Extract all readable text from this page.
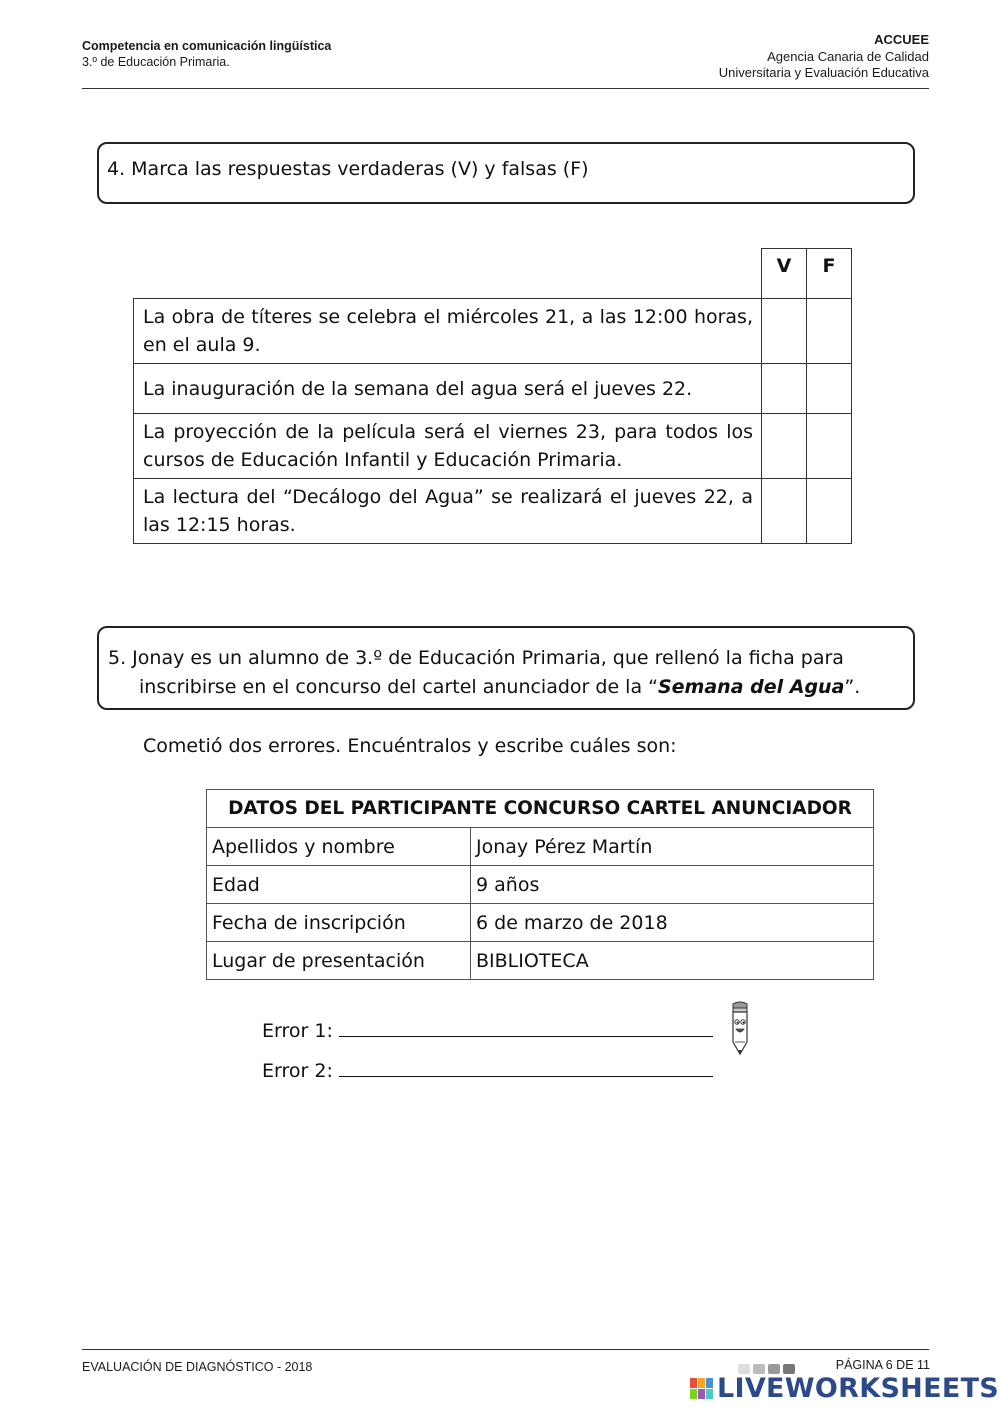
Competencia en comunicación lingüística
3.º de Educación Primaria.
ACCUEE
Agencia Canaria de Calidad
Universitaria y Evaluación Educativa
4. Marca las respuestas verdaderas (V) y falsas (F)
	V	F
La obra de títeres se celebra el miércoles 21, a las 12:00 horas, en el aula 9.		
La inauguración de la semana del agua será el jueves 22.		
La proyección de la película será el viernes 23, para todos los cursos de Educación Infantil y Educación Primaria.		
La lectura del “Decálogo del Agua” se realizará el jueves 22, a las 12:15 horas.		
5. Jonay es un alumno de 3.º de Educación Primaria, que rellenó la ficha para
inscribirse en el concurso del cartel anunciador de la “Semana del Agua”.
Cometió dos errores. Encuéntralos y escribe cuáles son:
DATOS DEL PARTICIPANTE CONCURSO CARTEL ANUNCIADOR	
Apellidos y nombre	Jonay Pérez Martín
Edad	9 años
Fecha de inscripción	6 de marzo de 2018
Lugar de presentación	BIBLIOTECA
Error 1:
Error 2:
EVALUACIÓN DE DIAGNÓSTICO - 2018	PÁGINA 6 DE 11
LIVEWORKSHEETS
